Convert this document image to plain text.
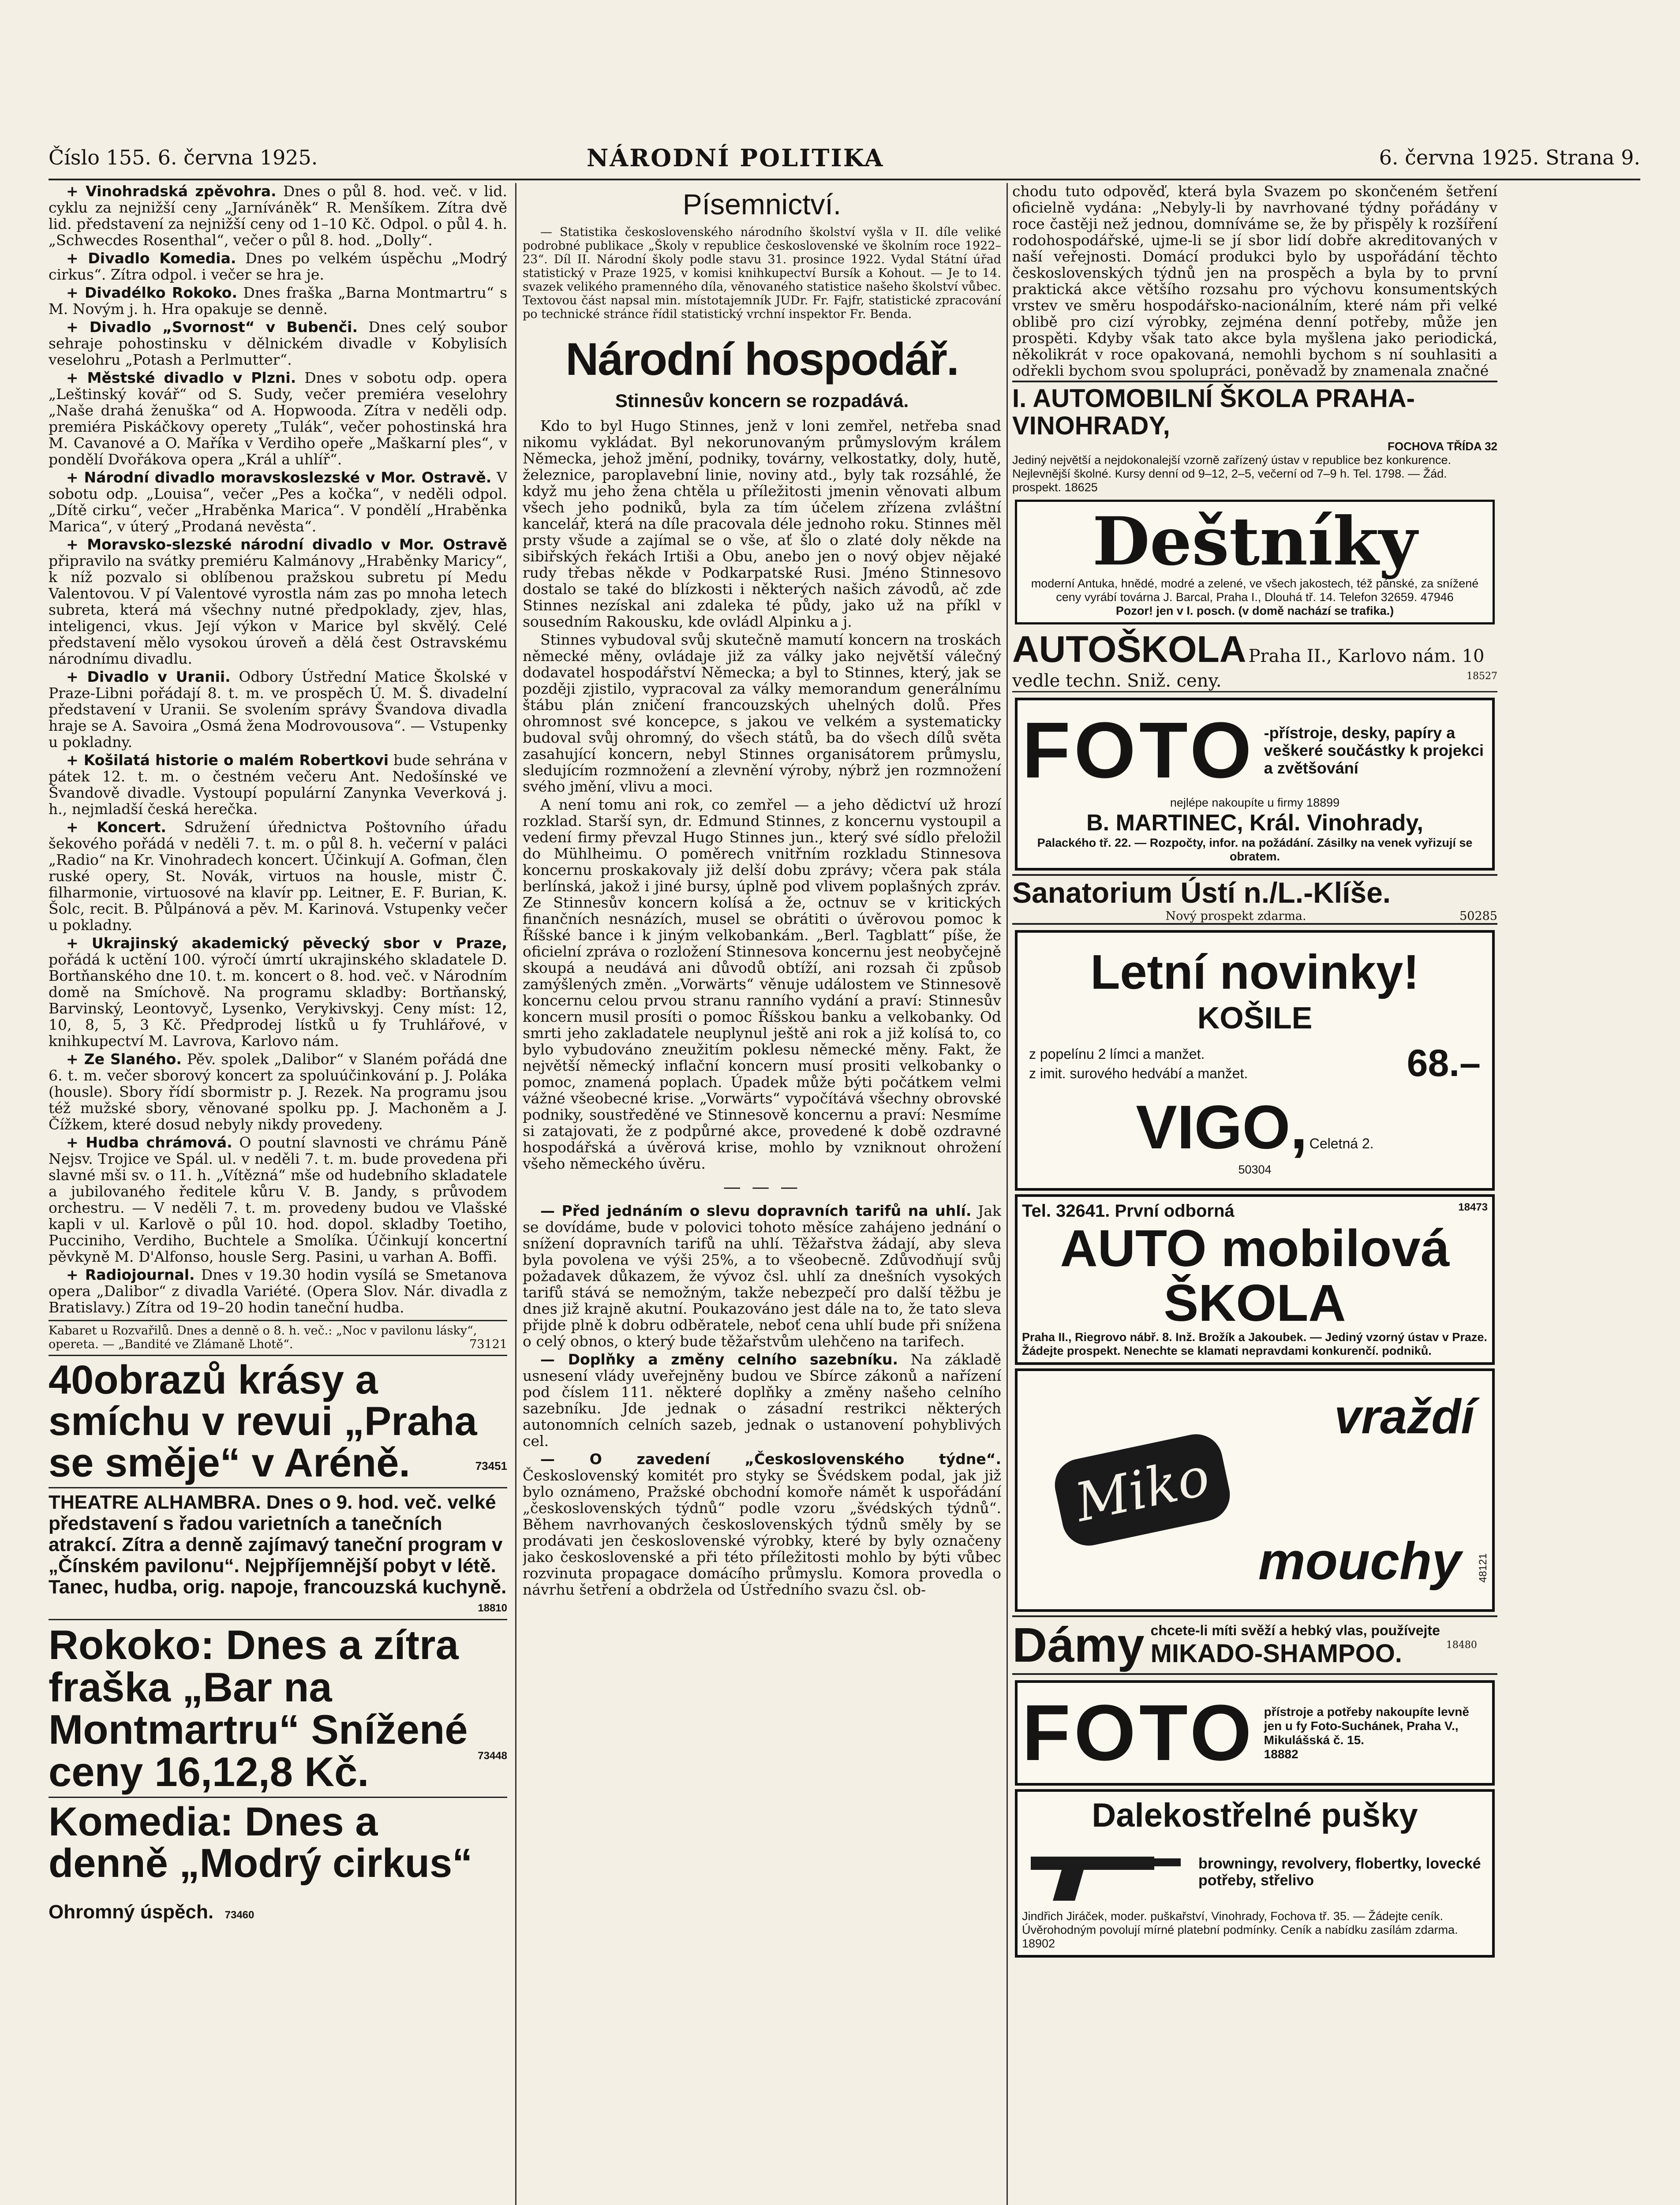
Číslo 155. 6. června 1925.	NÁRODNÍ POLITIKA	6. června 1925. Strana 9.

+ Vinohradská zpěvohra. Dnes o půl 8. hod. več. v lid. cyklu za nejnižší ceny „Jarníváněk“ R. Menšíkem. Zítra dvě lid. představení za nejnižší ceny od 1–10 Kč. Odpol. o půl 4. h. „Schwecdes Rosenthal“, večer o půl 8. hod. „Dolly“.

+ Divadlo Komedia. Dnes po velkém úspěchu „Modrý cirkus“. Zítra odpol. i večer se hra je.

+ Divadélko Rokoko. Dnes fraška „Barna Montmartru“ s M. Novým j. h. Hra opakuje se denně.

+ Divadlo „Svornost“ v Bubenči. Dnes celý soubor sehraje pohostinsku v dělnickém divadle v Kobylisích veselohru „Potash a Perlmutter“.

+ Městské divadlo v Plzni. Dnes v sobotu odp. opera „Leštinský kovář“ od S. Sudy, večer premiéra veselohry „Naše drahá ženuška“ od A. Hopwooda. Zítra v neděli odp. premiéra Piskáčkovy operety „Tulák“, večer pohostinská hra M. Cavanové a O. Maříka v Verdiho opeře „Maškarní ples“, v pondělí Dvořákova opera „Král a uhlíř“.

+ Národní divadlo moravskoslezské v Mor. Ostravě. V sobotu odp. „Louisa“, večer „Pes a kočka“, v neděli odpol. „Dítě cirku“, večer „Hraběnka Marica“. V pondělí „Hraběnka Marica“, v úterý „Prodaná nevěsta“.

+ Moravsko-slezské národní divadlo v Mor. Ostravě připravilo na svátky premiéru Kalmánovy „Hraběnky Maricy“, k níž pozvalo si oblíbenou pražskou subretu pí Medu Valentovou. V pí Valentové vyrostla nám zas po mnoha letech subreta, která má všechny nutné předpoklady, zjev, hlas, inteligenci, vkus. Její výkon v Marice byl skvělý. Celé představení mělo vysokou úroveň a dělá čest Ostravskému národnímu divadlu.

+ Divadlo v Uranii. Odbory Ústřední Matice Školské v Praze-Libni pořádají 8. t. m. ve prospěch Ú. M. Š. divadelní představení v Uranii. Se svolením správy Švandova divadla hraje se A. Savoira „Osmá žena Modrovousova“. — Vstupenky u pokladny.

+ Košilatá historie o malém Robertkovi bude sehrána v pátek 12. t. m. o čestném večeru Ant. Nedošínské ve Švandově divadle. Vystoupí populární Zanynka Veverková j. h., nejmladší česká herečka.

+ Koncert. Sdružení úřednictva Poštovního úřadu šekového pořádá v neděli 7. t. m. o půl 8. h. večerní v paláci „Radio“ na Kr. Vinohradech koncert. Účinkují A. Gofman, člen ruské opery, St. Novák, virtuos na housle, mistr Č. filharmonie, virtuosové na klavír pp. Leitner, E. F. Burian, K. Šolc, recit. B. Půlpánová a pěv. M. Karinová. Vstupenky večer u pokladny.

+ Ukrajinský akademický pěvecký sbor v Praze, pořádá k uctění 100. výročí úmrtí ukrajinského skladatele D. Bortňanského dne 10. t. m. koncert o 8. hod. več. v Národním domě na Smíchově. Na programu skladby: Bortňanský, Barvinský, Leontovyč, Lysenko, Verykivskyj. Ceny míst: 12, 10, 8, 5, 3 Kč. Předprodej lístků u fy Truhlářové, v knihkupectví M. Lavrova, Karlovo nám.

+ Ze Slaného. Pěv. spolek „Dalibor“ v Slaném pořádá dne 6. t. m. večer sborový koncert za spoluúčinkování p. J. Poláka (housle). Sbory řídí sbormistr p. J. Rezek. Na programu jsou též mužské sbory, věnované spolku pp. J. Machoněm a J. Čížkem, které dosud nebyly nikdy provedeny.

+ Hudba chrámová. O poutní slavnosti ve chrámu Páně Nejsv. Trojice ve Spál. ul. v neděli 7. t. m. bude provedena při slavné mši sv. o 11. h. „Vítězná“ mše od hudebního skladatele a jubilovaného ředitele kůru V. B. Jandy, s průvodem orchestru. — V neděli 7. t. m. provedeny budou ve Vlašské kapli v ul. Karlově o půl 10. hod. dopol. skladby Toetiho, Pucciniho, Verdiho, Buchtele a Smolíka. Účinkují koncertní pěvkyně M. D'Alfonso, housle Serg. Pasini, u varhan A. Boffi.

+ Radiojournal. Dnes v 19.30 hodin vysílá se Smetanova opera „Dalibor“ z divadla Variété. (Opera Slov. Nár. divadla z Bratislavy.) Zítra od 19–20 hodin taneční hudba.

Kabaret u Rozvařilů. Dnes a denně o 8. h. več.: „Noc v pavilonu lásky“, opereta. — „Bandité ve Zlámaně Lhotě“.	73121
40obrazů krásy a smíchu v revui „Praha se směje“ v Aréně.	73451
THEATRE ALHAMBRA. Dnes o 9. hod. več. velké představení s řadou varietních a tanečních atrakcí. Zítra a denně zajímavý taneční program v „Čínském pavilonu“. Nejpříjemnější pobyt v létě. Tanec, hudba, orig. napoje, francouzská kuchyně.
18810
Rokoko: Dnes a zítra fraška „Bar na Montmartru“ Snížené ceny 16,12,8 Kč.	73448
Komedia: Dnes a denně „Modrý cirkus“ Ohromný úspěch. 73460
Písemnictví.

— Statistika československého národního školství vyšla v II. díle veliké podrobné publikace „Školy v republice československé ve školním roce 1922–23“. Díl II. Národní školy podle stavu 31. prosince 1922. Vydal Státní úřad statistický v Praze 1925, v komisi knihkupectví Bursík a Kohout. — Je to 14. svazek velikého pramenného díla, věnovaného statistice našeho školství vůbec. Textovou část napsal min. místotajemník JUDr. Fr. Fajfr, statistické zpracování po technické stránce řídil statistický vrchní inspektor Fr. Benda.

Národní hospodář.
Stinnesův koncern se rozpadává.

Kdo to byl Hugo Stinnes, jenž v loni zemřel, netřeba snad nikomu vykládat. Byl nekorunovaným průmyslovým králem Německa, jehož jmění, podniky, továrny, velkostatky, doly, hutě, železnice, paroplavební linie, noviny atd., byly tak rozsáhlé, že když mu jeho žena chtěla u příležitosti jmenin věnovati album všech jeho podniků, byla za tím účelem zřízena zvláštní kancelář, která na díle pracovala déle jednoho roku. Stinnes měl prsty všude a zajímal se o vše, ať šlo o zlaté doly někde na sibiřských řekách Irtiši a Obu, anebo jen o nový objev nějaké rudy třebas někde v Podkarpatské Rusi. Jméno Stinnesovo dostalo se také do blízkosti i některých našich závodů, ač zde Stinnes nezískal ani zdaleka té půdy, jako už na příkl v sousedním Rakousku, kde ovládl Alpinku a j.

Stinnes vybudoval svůj skutečně mamutí koncern na troskách německé měny, ovládaje již za války jako největší válečný dodavatel hospodářství Německa; a byl to Stinnes, který, jak se později zjistilo, vypracoval za války memorandum generálnímu štábu plán zničení francouzských uhelných dolů. Přes ohromnost své koncepce, s jakou ve velkém a systematicky budoval svůj ohromný, do všech států, ba do všech dílů světa zasahující koncern, nebyl Stinnes organisátorem průmyslu, sledujícím rozmnožení a zlevnění výroby, nýbrž jen rozmnožení svého jmění, vlivu a moci.

A není tomu ani rok, co zemřel — a jeho dědictví už hrozí rozklad. Starší syn, dr. Edmund Stinnes, z koncernu vystoupil a vedení firmy převzal Hugo Stinnes jun., který své sídlo přeložil do Mühlheimu. O poměrech vnitřním rozkladu Stinnesova koncernu proskakovaly již delší dobu zprávy; včera pak stála berlínská, jakož i jiné bursy, úplně pod vlivem poplašných zpráv. Ze Stinnesův koncern kolísá a že, octnuv se v kritických finančních nesnázích, musel se obrátiti o úvěrovou pomoc k Říšské bance i k jiným velkobankám. „Berl. Tagblatt“ píše, že oficielní zpráva o rozložení Stinnesova koncernu jest neobyčejně skoupá a neudává ani důvodů obtíží, ani rozsah či způsob zamýšlených změn. „Vorwärts“ věnuje událostem ve Stinnesově koncernu celou prvou stranu ranního vydání a praví: Stinnesův koncern musil prosíti o pomoc Říšskou banku a velkobanky. Od smrti jeho zakladatele neuplynul ještě ani rok a již kolísá to, co bylo vybudováno zneužitím poklesu německé měny. Fakt, že největší německý inflační koncern musí prositi velkobanky o pomoc, znamená poplach. Úpadek může býti počátkem velmi vážné všeobecné krise. „Vorwärts“ vypočítává všechny obrovské podniky, soustředěné ve Stinnesově koncernu a praví: Nesmíme si zatajovati, že z podpůrné akce, provedené k době ozdravné hospodářská a úvěrová krise, mohlo by vzniknout ohrožení všeho německého úvěru.

— — —

— Před jednáním o slevu dopravních tarifů na uhlí. Jak se dovídáme, bude v polovici tohoto měsíce zahájeno jednání o snížení dopravních tarifů na uhlí. Těžařstva žádají, aby sleva byla povolena ve výši 25%, a to všeobecně. Zdůvodňují svůj požadavek důkazem, že vývoz čsl. uhlí za dnešních vysokých tarifů stává se nemožným, takže nebezpečí pro další těžbu je dnes již krajně akutní. Poukazováno jest dále na to, že tato sleva přijde plně k dobru odběratele, neboť cena uhlí bude při snížena o celý obnos, o který bude těžařstvům ulehčeno na tarifech.

— Doplňky a změny celního sazebníku. Na základě usnesení vlády uveřejněny budou ve Sbírce zákonů a nařízení pod číslem 111. některé doplňky a změny našeho celního sazebníku. Jde jednak o zásadní restrikci některých autonomních celních sazeb, jednak o ustanovení pohyblivých cel.

— O zavedení „Československého týdne“. Československý komitét pro styky se Švédskem podal, jak již bylo oznámeno, Pražské obchodní komoře námět k uspořádání „československých týdnů“ podle vzoru „švédských týdnů“. Během navrhovaných československých týdnů směly by se prodávati jen československé výrobky, které by byly označeny jako československé a při této příležitosti mohlo by býti vůbec rozvinuta propagace domácího průmyslu. Komora provedla o návrhu šetření a obdržela od Ústředního svazu čsl. ob-

chodu tuto odpověď, která byla Svazem po skončeném šetření oficielně vydána: „Nebyly-li by navrhované týdny pořádány v roce častěji než jednou, domníváme se, že by přispěly k rozšíření rodohospodářské, ujme-li se jí sbor lidí dobře akreditovaných v naší veřejnosti. Domácí produkci bylo by uspořádání těchto československých týdnů jen na prospěch a byla by to první praktická akce většího rozsahu pro výchovu konsumentských vrstev ve směru hospodářsko-nacionálním, které nám při velké oblibě pro cizí výrobky, zejména denní potřeby, může jen prospěti. Kdyby však tato akce byla myšlena jako periodická, několikrát v roce opakovaná, nemohli bychom s ní souhlasiti a odřekli bychom svou spolupráci, poněvadž by znamenala značné

I. AUTOMOBILNÍ ŠKOLA PRAHA-VINOHRADY,
FOCHOVA TŘÍDA 32
Jediný největší a nejdokonalejší vzorně zařízený ústav v republice bez konkurence. Nejlevnější školné. Kursy denní od 9–12, 2–5, večerní od 7–9 h. Tel. 1798. — Žád. prospekt. 18625
Deštníky
moderní Antuka, hnědé, modré a zelené, ve všech jakostech, též pánské, za snížené ceny vyrábí továrna J. Barcal, Praha I., Dlouhá tř. 14. Telefon 32659. 47946
Pozor! jen v I. posch. (v domě nachází se trafika.)
AUTOŠKOLA Praha II., Karlovo nám. 10 vedle techn. Sniž. ceny.	18527
FOTO -přístroje, desky, papíry a veškeré součástky k projekci a zvětšování
nejlépe nakoupíte u firmy 18899
B. MARTINEC, Král. Vinohrady,
Palackého tř. 22. — Rozpočty, infor. na požádání. Zásilky na venek vyřizují se obratem.
Sanatorium Ústí n./L.-Klíše.
Nový prospekt zdarma.	50285
Letní novinky!
KOŠILE
z popelínu 2 límci a manžet.
z imit. surového hedvábí a manžet.	68.–
VIGO, Celetná 2.
50304
Tel. 32641. První odborná	18473
AUTO mobilová ŠKOLA
Praha II., Riegrovo nábř. 8. Inž. Brožík a Jakoubek. — Jediný vzorný ústav v Praze. Žádejte prospekt. Nenechte se klamati nepravdami konkurenčí. podniků.
vraždí
Miko
mouchy 48121
Dámy chcete-li míti svěží a hebký vlas, používejte
MIKADO-SHAMPOO.	18480
FOTO přístroje a potřeby nakoupíte levně jen u fy Foto-Suchánek, Praha V., Mikulášská č. 15.
18882
Dalekostřelné pušky
browningy, revolvery, flobertky, lovecké potřeby, střelivo
Jindřich Jiráček, moder. puškařství, Vinohrady, Fochova tř. 35. — Žádejte ceník. Úvěrohodným povolují mírné platební podmínky. Ceník a nabídku zasílám zdarma. 18902
